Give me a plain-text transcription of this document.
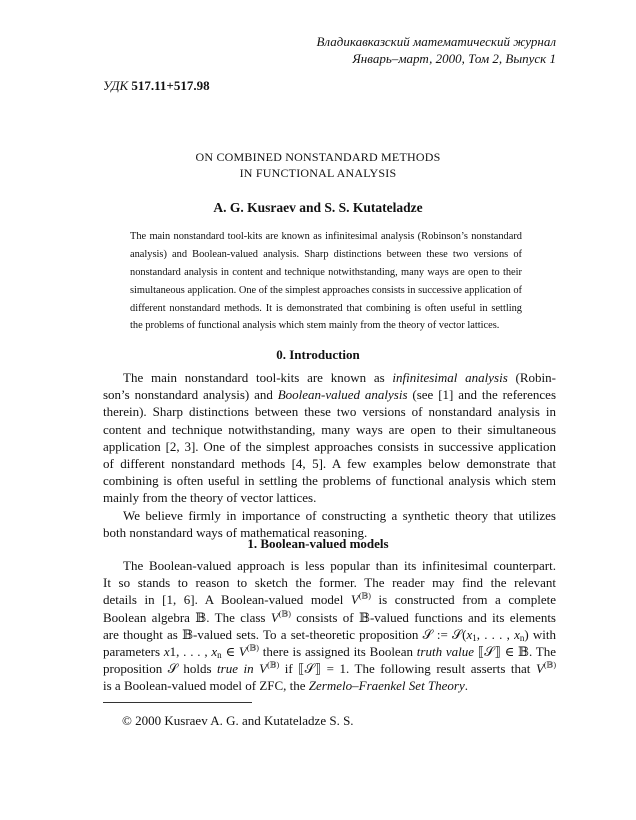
Владикавказский математический журнал
Январь–март, 2000, Том 2, Выпуск 1
УДК 517.11+517.98
ON COMBINED NONSTANDARD METHODS
IN FUNCTIONAL ANALYSIS
A. G. Kusraev and S. S. Kutateladze
The main nonstandard tool-kits are known as infinitesimal analysis (Robinson’s nonstandard
analysis) and Boolean-valued analysis. Sharp distinctions between these two versions of
nonstandard analysis in content and technique notwithstanding, many ways are open to their
simultaneous application. One of the simplest approaches consists in successive application of
different nonstandard methods. It is demonstrated that combining is often useful in settling
the problems of functional analysis which stem mainly from the theory of vector lattices.
0. Introduction
The main nonstandard tool-kits are known as infinitesimal analysis (Robin-
son’s nonstandard analysis) and Boolean-valued analysis (see [1] and the references
therein). Sharp distinctions between these two versions of nonstandard analysis in
content and technique notwithstanding, many ways are open to their simultaneous
application [2, 3]. One of the simplest approaches consists in successive application
of different nonstandard methods [4, 5]. A few examples below demonstrate that
combining is often useful in settling the problems of functional analysis which stem
mainly from the theory of vector lattices.
We believe firmly in importance of constructing a synthetic theory that utilizes
both nonstandard ways of mathematical reasoning.
1. Boolean-valued models
The Boolean-valued approach is less popular than its infinitesimal counterpart.
It so stands to reason to sketch the former. The reader may find the relevant
details in [1, 6]. A Boolean-valued model $V^{(𝔹)}$ is constructed from a complete
Boolean algebra 𝔹. The class $V^{(𝔹)}$ consists of 𝔹-valued functions and its elements
are thought as 𝔹-valued sets. To a set-theoretic proposition 𝒮 := 𝒮(x1, . . . , xn) with
parameters x1, . . . , xn ∈ $V^{(𝔹)}$ there is assigned its Boolean truth value ⟦𝒮⟧ ∈ 𝔹. The
proposition 𝒮 holds true in $V^{(𝔹)}$ if ⟦𝒮⟧ = 1. The following result asserts that $V^{(𝔹)}$
is a Boolean-valued model of ZFC, the Zermelo–Fraenkel Set Theory.
© 2000 Kusraev A. G. and Kutateladze S. S.
